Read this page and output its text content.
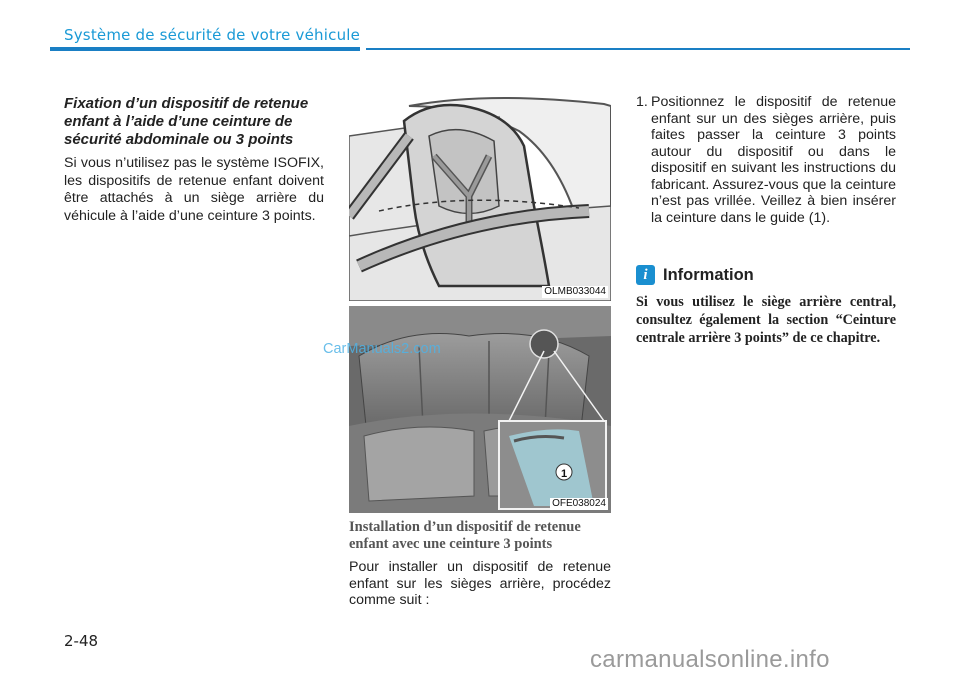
Système de sécurité de votre véhicule

Fixation d’un dispositif de retenue enfant à l’aide d’une ceinture de sécurité abdominale ou 3 points

Si vous n’utilisez pas le système ISOFIX, les dispositifs de retenue enfant doivent être attachés à un siège arrière du véhicule à l’aide d’une ceinture 3 points.

OLMB033044
1
OFE038024

Installation d’un dispositif de retenue enfant avec une ceinture 3 points

Pour installer un dispositif de retenue enfant sur les sièges arrière, procédez comme suit :

1. Positionnez le dispositif de retenue enfant sur un des sièges arrière, puis faites passer la ceinture 3 points autour du dispositif ou dans le dispositif en suivant les instructions du fabricant. Assurez-vous que la ceinture n’est pas vrillée. Veillez à bien insérer la ceinture dans le guide (1).
i Information

Si vous utilisez le siège arrière central, consultez également la section “Ceinture centrale arrière 3 points” de ce chapitre.

2-48
CarManuals2.com
carmanualsonline.info
